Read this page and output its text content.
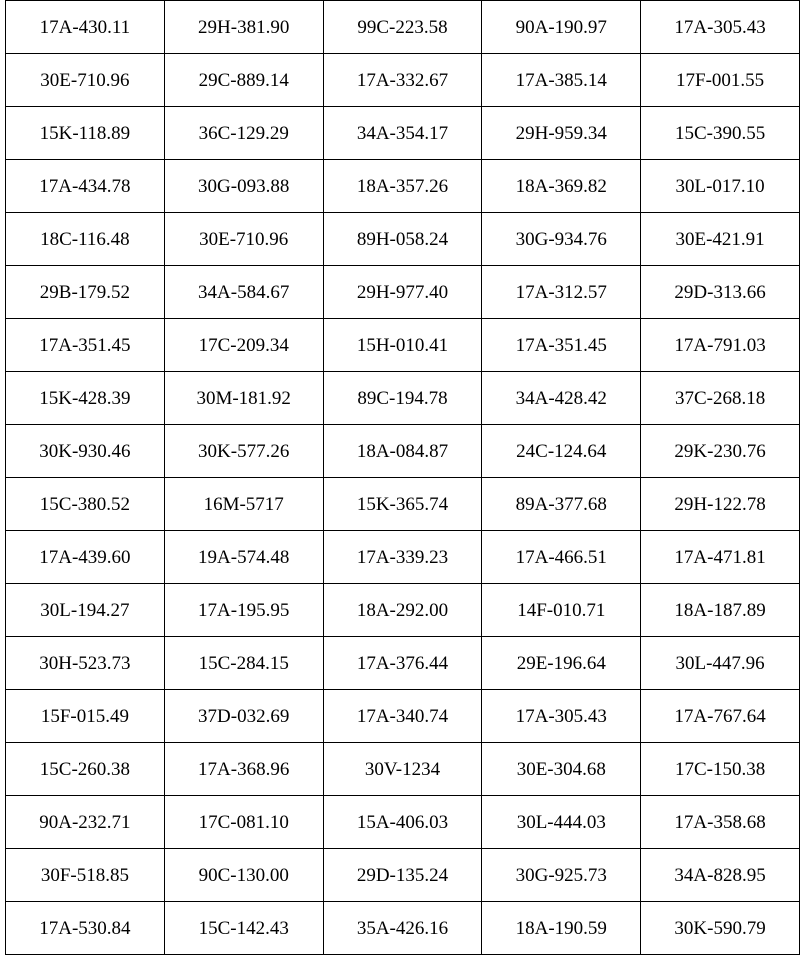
17A-430.11	29H-381.90	99C-223.58	90A-190.97	17A-305.43
30E-710.96	29C-889.14	17A-332.67	17A-385.14	17F-001.55
15K-118.89	36C-129.29	34A-354.17	29H-959.34	15C-390.55
17A-434.78	30G-093.88	18A-357.26	18A-369.82	30L-017.10
18C-116.48	30E-710.96	89H-058.24	30G-934.76	30E-421.91
29B-179.52	34A-584.67	29H-977.40	17A-312.57	29D-313.66
17A-351.45	17C-209.34	15H-010.41	17A-351.45	17A-791.03
15K-428.39	30M-181.92	89C-194.78	34A-428.42	37C-268.18
30K-930.46	30K-577.26	18A-084.87	24C-124.64	29K-230.76
15C-380.52	16M-5717	15K-365.74	89A-377.68	29H-122.78
17A-439.60	19A-574.48	17A-339.23	17A-466.51	17A-471.81
30L-194.27	17A-195.95	18A-292.00	14F-010.71	18A-187.89
30H-523.73	15C-284.15	17A-376.44	29E-196.64	30L-447.96
15F-015.49	37D-032.69	17A-340.74	17A-305.43	17A-767.64
15C-260.38	17A-368.96	30V-1234	30E-304.68	17C-150.38
90A-232.71	17C-081.10	15A-406.03	30L-444.03	17A-358.68
30F-518.85	90C-130.00	29D-135.24	30G-925.73	34A-828.95
17A-530.84	15C-142.43	35A-426.16	18A-190.59	30K-590.79
